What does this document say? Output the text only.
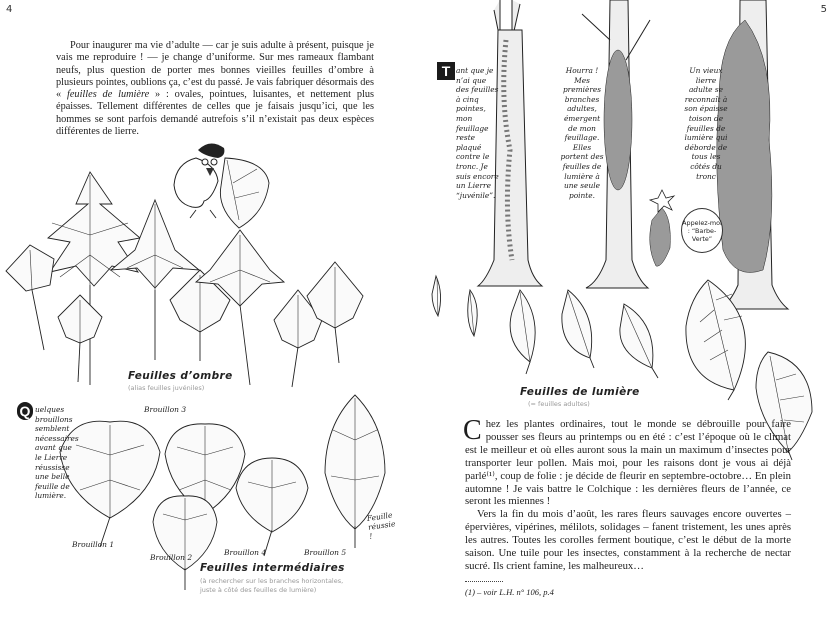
4
Pour inaugurer ma vie d’adulte — car je suis adulte à présent, puisque je vais me reproduire ! — je change d’uniforme. Sur mes rameaux flambant neufs, plus question de porter mes bonnes vieilles feuilles d’ombre à plusieurs pointes, oublions ça, c’est du passé. Je vais fabriquer désormais des « feuilles de lumière » : ovales, pointues, luisantes, et nettement plus épaisses. Tellement différentes de celles que je faisais jusqu’ici, que les hommes se sont parfois demandé autrefois s’il n’existait pas deux espèces différentes de lierre.
Feuilles d’ombre
(alias feuilles juvéniles)
Q uelques brouillons semblent nécessaires avant que le Lierre réussisse une belle feuille de lumière.
Brouillon 1
Brouillon 2
Brouillon 3
Brouillon 4	Brouillon 5
Feuille réussie !
Feuilles intermédiaires
(à rechercher sur les branches horizontales,
juste à côté des feuilles de lumière)
5
T ant que je n’ai que des feuilles à cinq pointes, mon feuillage reste plaqué contre le tronc. Je suis encore un Lierre “juvénile”.
Hourra ! Mes premières branches adultes, émergent de mon feuillage. Elles portent des feuilles de lumière à une seule pointe.
Un vieux lierre adulte se reconnaît à son épaisse toison de feuilles de lumière qui déborde de tous les côtés du tronc
Appelez-moi : “Barbe-Verte”
Feuilles de lumière
(= feuilles adultes)

Chez les plantes ordinaires, tout le monde se débrouille pour faire pousser ses fleurs au printemps ou en été : c’est l’époque où le climat est le meilleur et où elles auront sous la main un maximum d’insectes pour transporter leur pollen. Mais moi, pour les raisons dont je vous ai déjà parlé⁽¹⁾, coup de folie : je décide de fleurir en septembre-octobre… En plein automne ! Je vais battre le Colchique : les dernières fleurs de l’année, ce seront les miennes !

Vers la fin du mois d’août, les rares fleurs sauvages encore ouvertes – épervières, vipérines, mélilots, solidages – fanent tristement, les unes après les autres. Toutes les corolles ferment boutique, c’est le début de la morte saison. Une tuile pour les insectes, constamment à la recherche de nectar sucré. Ils crient famine, les malheureux…

(1) – voir L.H. n° 106, p.4
